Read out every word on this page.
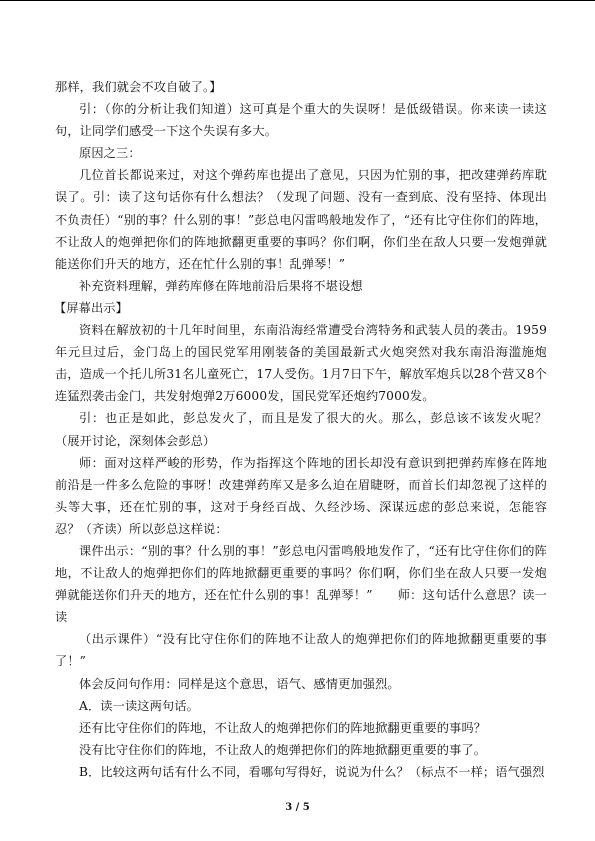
那样，我们就会不攻自破了。】

引：（你的分析让我们知道）这可真是个重大的失误呀！是低级错误。你来读一读这句，让同学们感受一下这个失误有多大。

原因之三：

几位首长都说来过，对这个弹药库也提出了意见，只因为忙别的事，把改建弹药库耽误了。引：读了这句话你有什么想法？（发现了问题、没有一查到底、没有坚持、体现出不负责任）“别的事？什么别的事！”彭总电闪雷鸣般地发作了，“还有比守住你们的阵地，不让敌人的炮弹把你们的阵地掀翻更重要的事吗？你们啊，你们坐在敌人只要一发炮弹就能送你们升天的地方，还在忙什么别的事！乱弹琴！”

补充资料理解，弹药库修在阵地前沿后果将不堪设想

【屏幕出示】

资料在解放初的十几年时间里，东南沿海经常遭受台湾特务和武装人员的袭击。1959年元旦过后，金门岛上的国民党军用刚装备的美国最新式火炮突然对我东南沿海滥施炮击，造成一个托儿所31名儿童死亡，17人受伤。1月7日下午，解放军炮兵以28个营又8个连猛烈袭击金门，共发射炮弹2万6000发，国民党军还炮约7000发。

引：也正是如此，彭总发火了，而且是发了很大的火。那么，彭总该不该发火呢？（展开讨论，深刻体会彭总）

师：面对这样严峻的形势，作为指挥这个阵地的团长却没有意识到把弹药库修在阵地前沿是一件多么危险的事呀！改建弹药库又是多么迫在眉睫呀，而首长们却忽视了这样的头等大事，还在忙别的事，这对于身经百战、久经沙场、深谋远虑的彭总来说，怎能容忍？（齐读）所以彭总这样说：

课件出示：“别的事？什么别的事！”彭总电闪雷鸣般地发作了，“还有比守住你们的阵地，不让敌人的炮弹把你们的阵地掀翻更重要的事吗？你们啊，你们坐在敌人只要一发炮弹就能送你们升天的地方，还在忙什么别的事！乱弹琴！”　　师：这句话什么意思？读一读

（出示课件）“没有比守住你们的阵地不让敌人的炮弹把你们的阵地掀翻更重要的事了！”

体会反问句作用：同样是这个意思，语气、感情更加强烈。

A．读一读这两句话。

还有比守住你们的阵地，不让敌人的炮弹把你们的阵地掀翻更重要的事吗？

没有比守住你们的阵地，不让敌人的炮弹把你们的阵地掀翻更重要的事了。

B．比较这两句话有什么不同，看哪句写得好，说说为什么？（标点不一样；语气强烈

3 / 5
